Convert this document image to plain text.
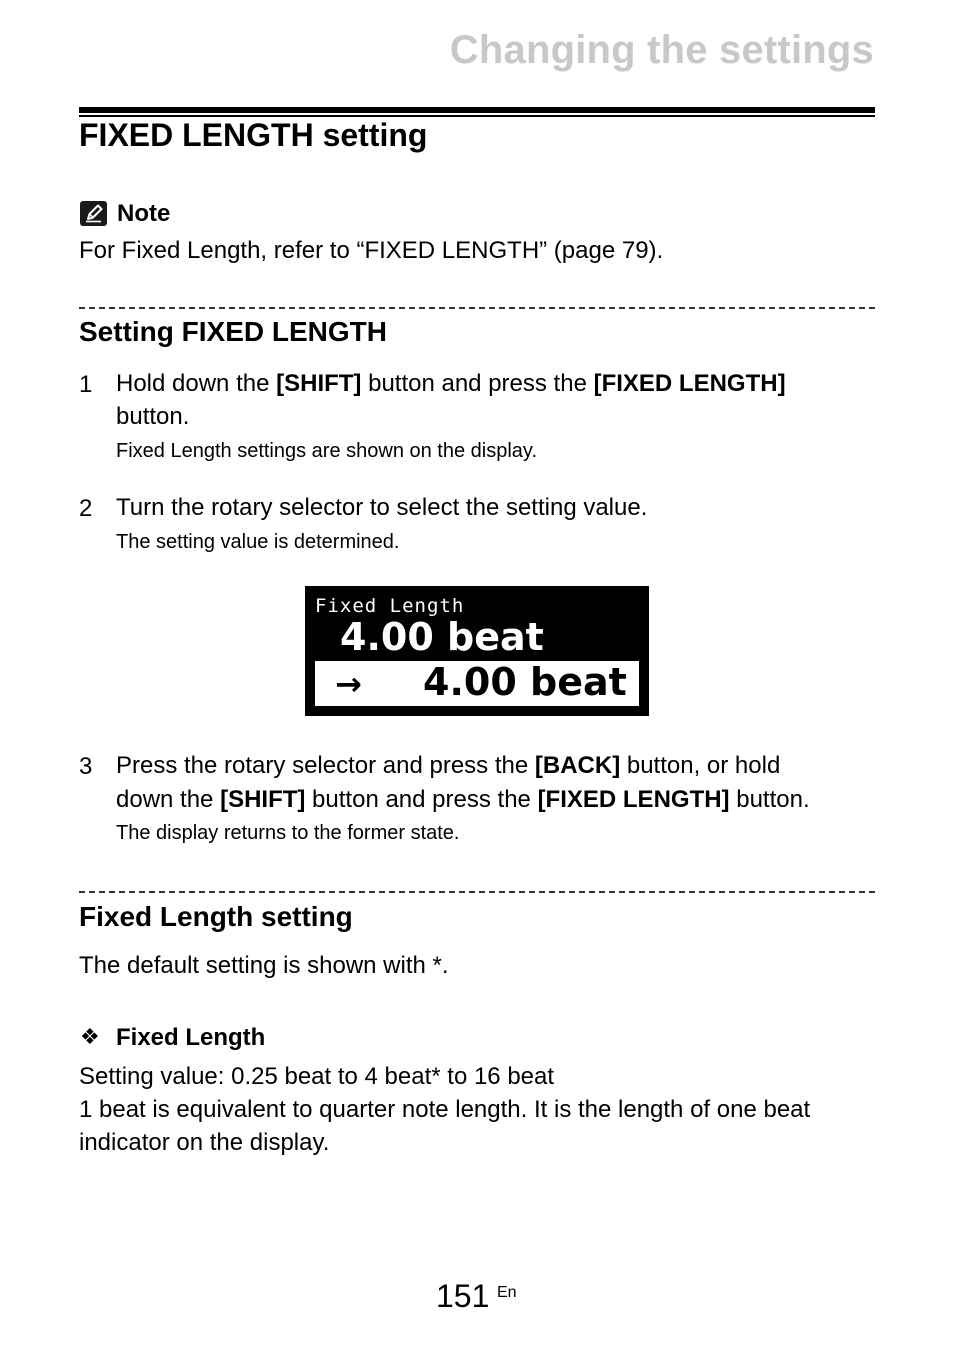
Changing the settings
FIXED LENGTH setting
Note
For Fixed Length, refer to “FIXED LENGTH” (page 79).
Setting FIXED LENGTH
1 Hold down the [SHIFT] button and press the [FIXED LENGTH]
button.
Fixed Length settings are shown on the display.
2 Turn the rotary selector to select the setting value.
The setting value is determined.
Fixed Length
4.00 beat
→ 4.00 beat
3 Press the rotary selector and press the [BACK] button, or hold
down the [SHIFT] button and press the [FIXED LENGTH] button.
The display returns to the former state.
Fixed Length setting
The default setting is shown with *.
❖ Fixed Length
Setting value: 0.25 beat to 4 beat* to 16 beat
1 beat is equivalent to quarter note length. It is the length of one beat
indicator on the display.
151 En
